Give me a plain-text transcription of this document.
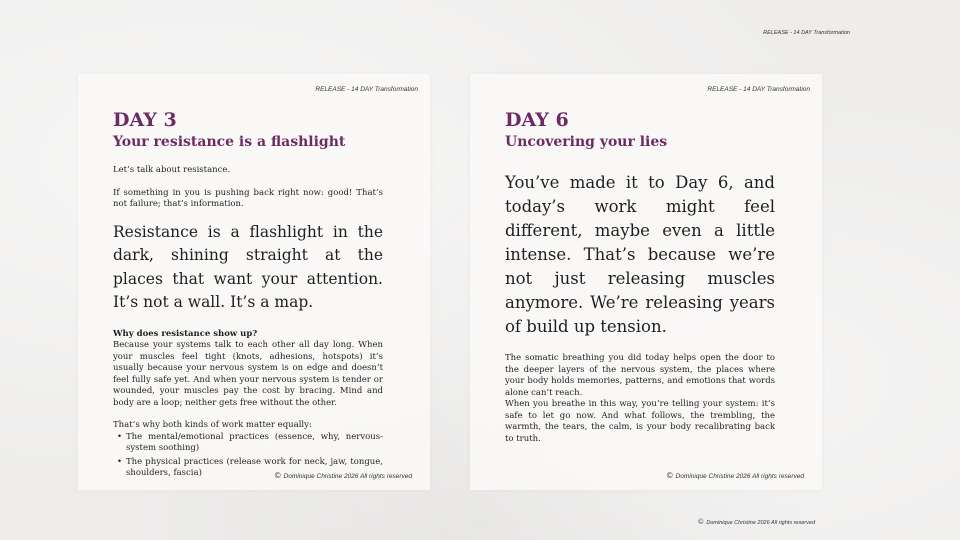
RELEASE - 14 DAY Transformation
RELEASE - 14 DAY Transformation
DAY 3
Your resistance is a flashlight

Let’s talk about resistance.

If something in you is pushing back right now: good! That’s not failure; that’s information.

Resistance is a flashlight in the dark, shining straight at the places that want your attention. It’s not a wall. It’s a map.

Why does resistance show up?

Because your systems talk to each other all day long. When your muscles feel tight (knots, adhesions, hotspots) it’s usually because your nervous system is on edge and doesn’t feel fully safe yet. And when your nervous system is tender or wounded, your muscles pay the cost by bracing. Mind and body are a loop; neither gets free without the other.

That’s why both kinds of work matter equally:

• The mental/emotional practices (essence, why, nervous-system soothing)
• The physical practices (release work for neck, jaw, tongue, shoulders, fascia)	© Dominique Christine 2026 All rights reserved
RELEASE - 14 DAY Transformation
DAY 6
Uncovering your lies

You’ve made it to Day 6, and today’s work might feel different, maybe even a little intense. That’s because we’re not just releasing muscles anymore. We’re releasing years of build up tension.

The somatic breathing you did today helps open the door to the deeper layers of the nervous system, the places where your body holds memories, patterns, and emotions that words alone can’t reach.

When you breathe in this way, you’re telling your system: it’s safe to let go now. And what follows, the trembling, the warmth, the tears, the calm, is your body recalibrating back to truth.

© Dominique Christine 2026 All rights reserved
© Dominique Christine 2026 All rights reserved
